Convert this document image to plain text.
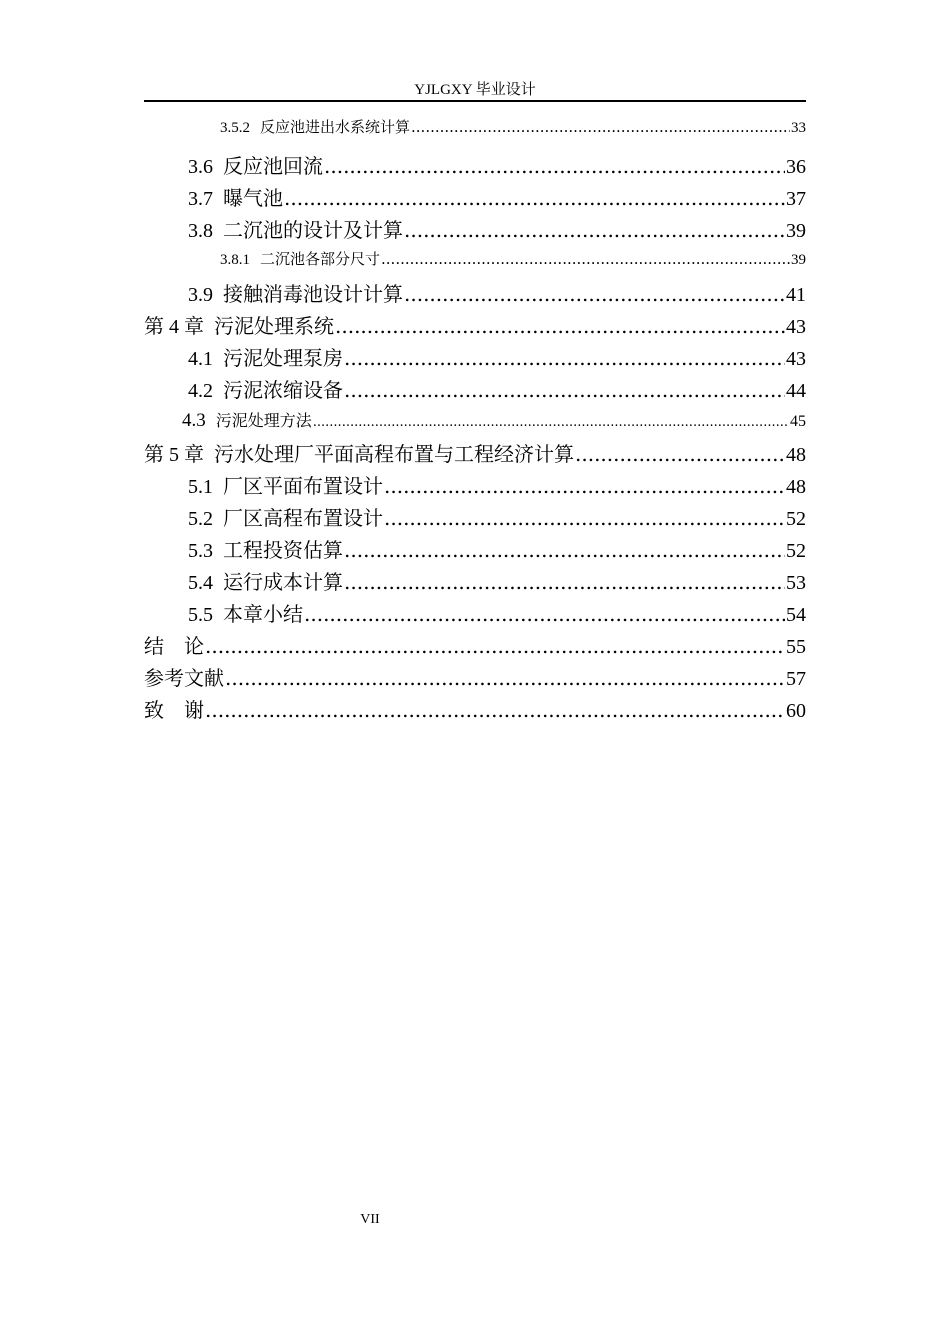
YJLGXY 毕业设计
3.5.2 反应池进出水系统计算 .....	33
3.6 反应池回流 .....	36
3.7 曝气池 .....	37
3.8 二沉池的设计及计算 .....	39
3.8.1 二沉池各部分尺寸 .....	39
3.9 接触消毒池设计计算 .....	41
第 4 章 污泥处理系统 .....	43
4.1 污泥处理泵房 .....	43
4.2 污泥浓缩设备 .....	44
4.3 污泥处理方法 .....	45
第 5 章 污水处理厂平面高程布置与工程经济计算 .....	48
5.1 厂区平面布置设计 .....	48
5.2 厂区高程布置设计 .....	52
5.3 工程投资估算 .....	52
5.4 运行成本计算 .....	53
5.5 本章小结 .....	54
结　论 .....	55
参考文献 .....	57
致　谢 .....	60
VII
